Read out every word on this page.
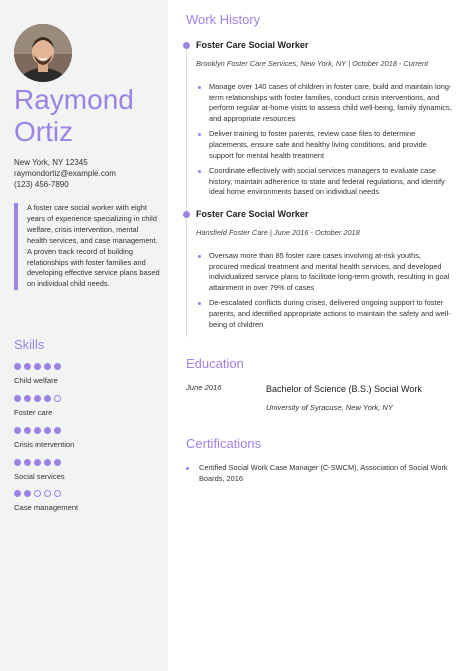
Raymond
Ortiz
New York, NY 12345
raymondortiz@example.com
(123) 456-7890
A foster care social worker with eight years of experience specializing in child welfare, crisis intervention, mental health services, and case management. A proven track record of building relationships with foster families and developing effective service plans based on individual child needs.
Skills
Child welfare
Foster care
Crisis intervention
Social services
Case management
Work History
Foster Care Social Worker
Brooklyn Foster Care Services, New York, NY | October 2018 - Current
Manage over 140 cases of children in foster care, build and maintain long-term relationships with foster families, conduct crisis interventions, and perform regular at-home visits to assess child well-being, family dynamics, and appropriate resources
Deliver training to foster parents, review case files to determine placements, ensure safe and healthy living conditions, and provide support for mental health treatment
Coordinate effectively with social services managers to evaluate case history, maintain adherence to state and federal regulations, and identify ideal home environments based on individual needs
Foster Care Social Worker
Hansfield Foster Care | June 2016 - October 2018
Oversaw more than 85 foster care cases involving at-risk youths, procured medical treatment and mental health services, and developed individualized service plans to facilitate long-term growth, resulting in goal attainment in over 79% of cases
De-escalated conflicts during crises, delivered ongoing support to foster parents, and identified appropriate actions to maintain the safety and well-being of children
Education
June 2016	Bachelor of Science (B.S.) Social Work
University of Syracuse, New York, NY
Certifications
Certified Social Work Case Manager (C-SWCM), Association of Social Work Boards, 2016
